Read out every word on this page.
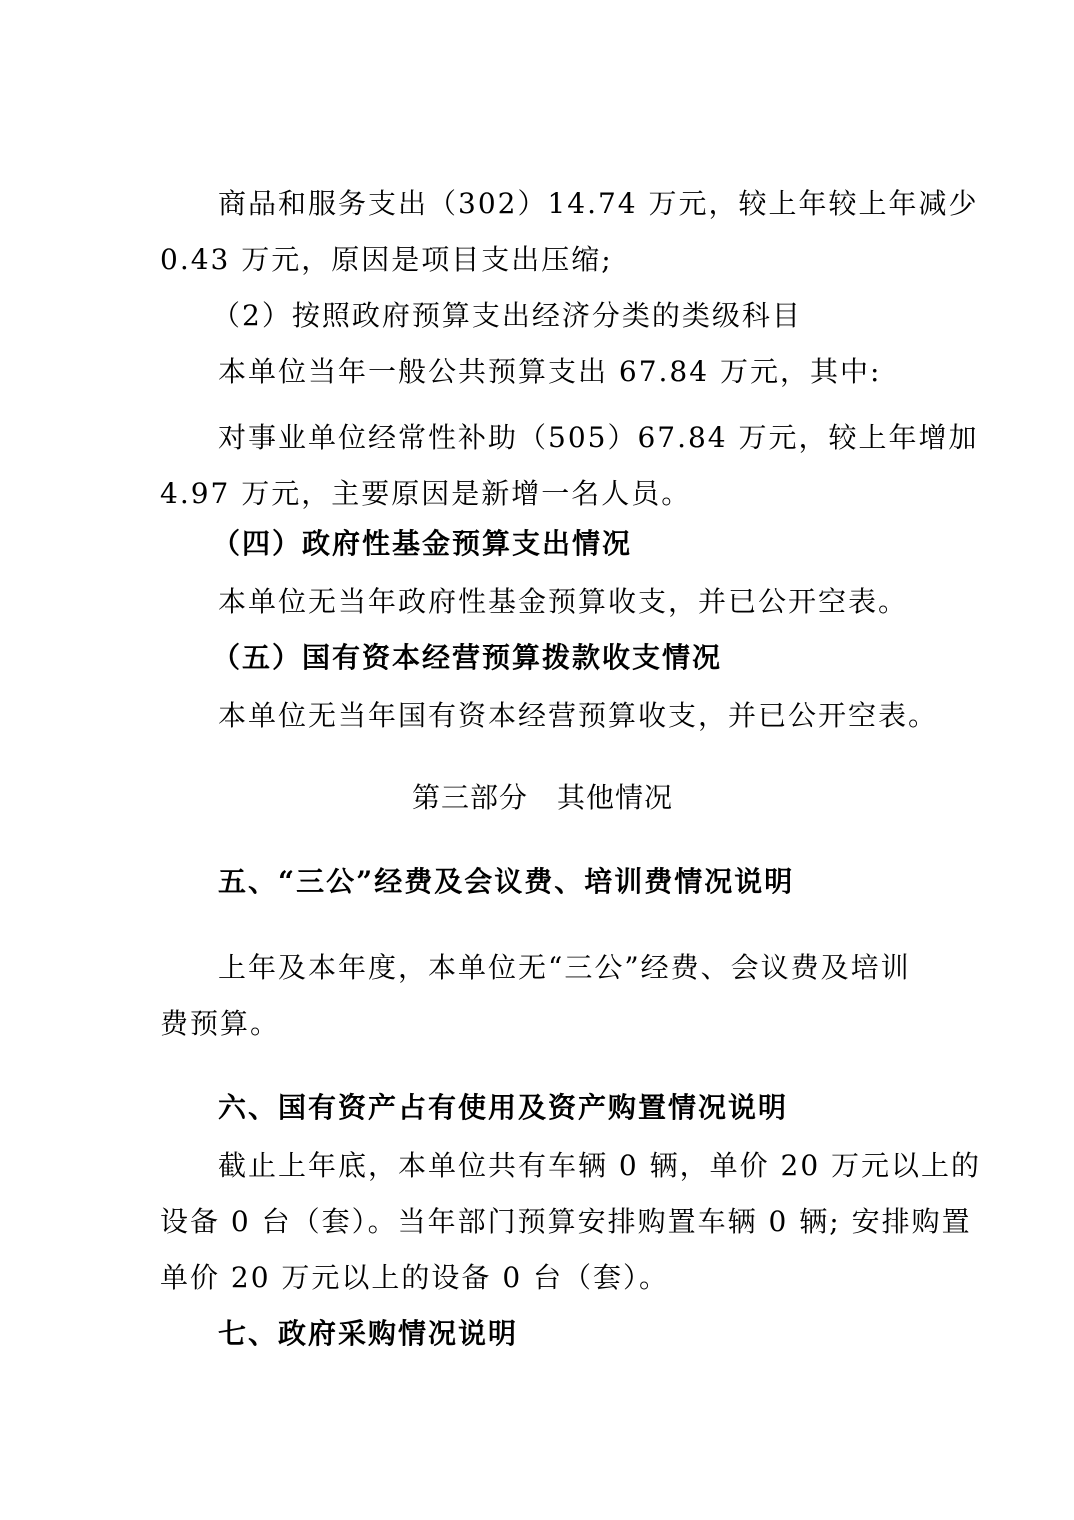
商品和服务支出（302）14.74 万元，较上年较上年减少
0.43 万元，原因是项目支出压缩;
（2）按照政府预算支出经济分类的类级科目
本单位当年一般公共预算支出 67.84 万元，其中:
对事业单位经常性补助（505）67.84 万元，较上年增加
4.97 万元，主要原因是新增一名人员。
（四）政府性基金预算支出情况
本单位无当年政府性基金预算收支，并已公开空表。
（五）国有资本经营预算拨款收支情况
本单位无当年国有资本经营预算收支，并已公开空表。
第三部分　其他情况
五、“三公”经费及会议费、培训费情况说明
上年及本年度，本单位无“三公”经费、会议费及培训
费预算。
六、国有资产占有使用及资产购置情况说明
截止上年底，本单位共有车辆 0 辆，单价 20 万元以上的
设备 0 台（套）。当年部门预算安排购置车辆 0 辆; 安排购置
单价 20 万元以上的设备 0 台（套）。
七、政府采购情况说明
